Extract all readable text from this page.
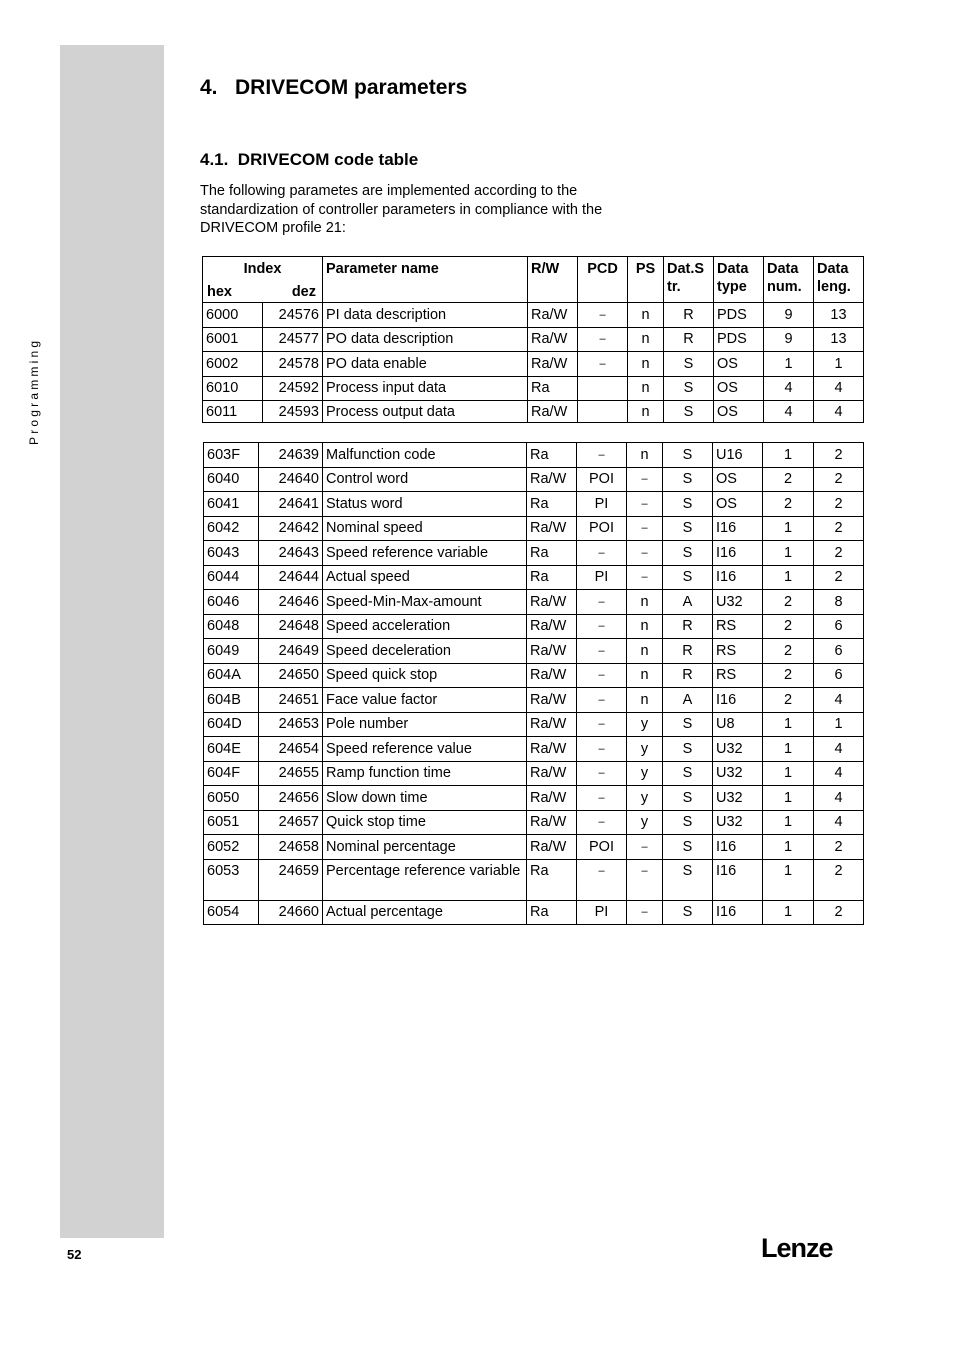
Programming
4.   DRIVECOM parameters
4.1.  DRIVECOM code table

The following parametes are implemented according to the standardization of controller parameters in compliance with the DRIVECOM profile 21:

Index
hex dez		Parameter name	R/W	PCD	PS	Dat.S tr.	Data type	Data num.	Data leng.
6000	24576	PI data description	Ra/W	–	n	R	PDS	9	13
6001	24577	PO data description	Ra/W	–	n	R	PDS	9	13
6002	24578	PO data enable	Ra/W	–	n	S	OS	1	1
6010	24592	Process input data	Ra		n	S	OS	4	4
6011	24593	Process output data	Ra/W		n	S	OS	4	4
603F	24639	Malfunction code	Ra	–	n	S	U16	1	2
6040	24640	Control word	Ra/W	POI	–	S	OS	2	2
6041	24641	Status word	Ra	PI	–	S	OS	2	2
6042	24642	Nominal speed	Ra/W	POI	–	S	I16	1	2
6043	24643	Speed reference variable	Ra	–	–	S	I16	1	2
6044	24644	Actual speed	Ra	PI	–	S	I16	1	2
6046	24646	Speed-Min-Max-amount	Ra/W	–	n	A	U32	2	8
6048	24648	Speed acceleration	Ra/W	–	n	R	RS	2	6
6049	24649	Speed deceleration	Ra/W	–	n	R	RS	2	6
604A	24650	Speed quick stop	Ra/W	–	n	R	RS	2	6
604B	24651	Face value factor	Ra/W	–	n	A	I16	2	4
604D	24653	Pole number	Ra/W	–	y	S	U8	1	1
604E	24654	Speed reference value	Ra/W	–	y	S	U32	1	4
604F	24655	Ramp function time	Ra/W	–	y	S	U32	1	4
6050	24656	Slow down time	Ra/W	–	y	S	U32	1	4
6051	24657	Quick stop time	Ra/W	–	y	S	U32	1	4
6052	24658	Nominal percentage	Ra/W	POI	–	S	I16	1	2
6053	24659	Percentage reference variable	Ra	–	–	S	I16	1	2
6054	24660	Actual percentage	Ra	PI	–	S	I16	1	2
52	Lenze
